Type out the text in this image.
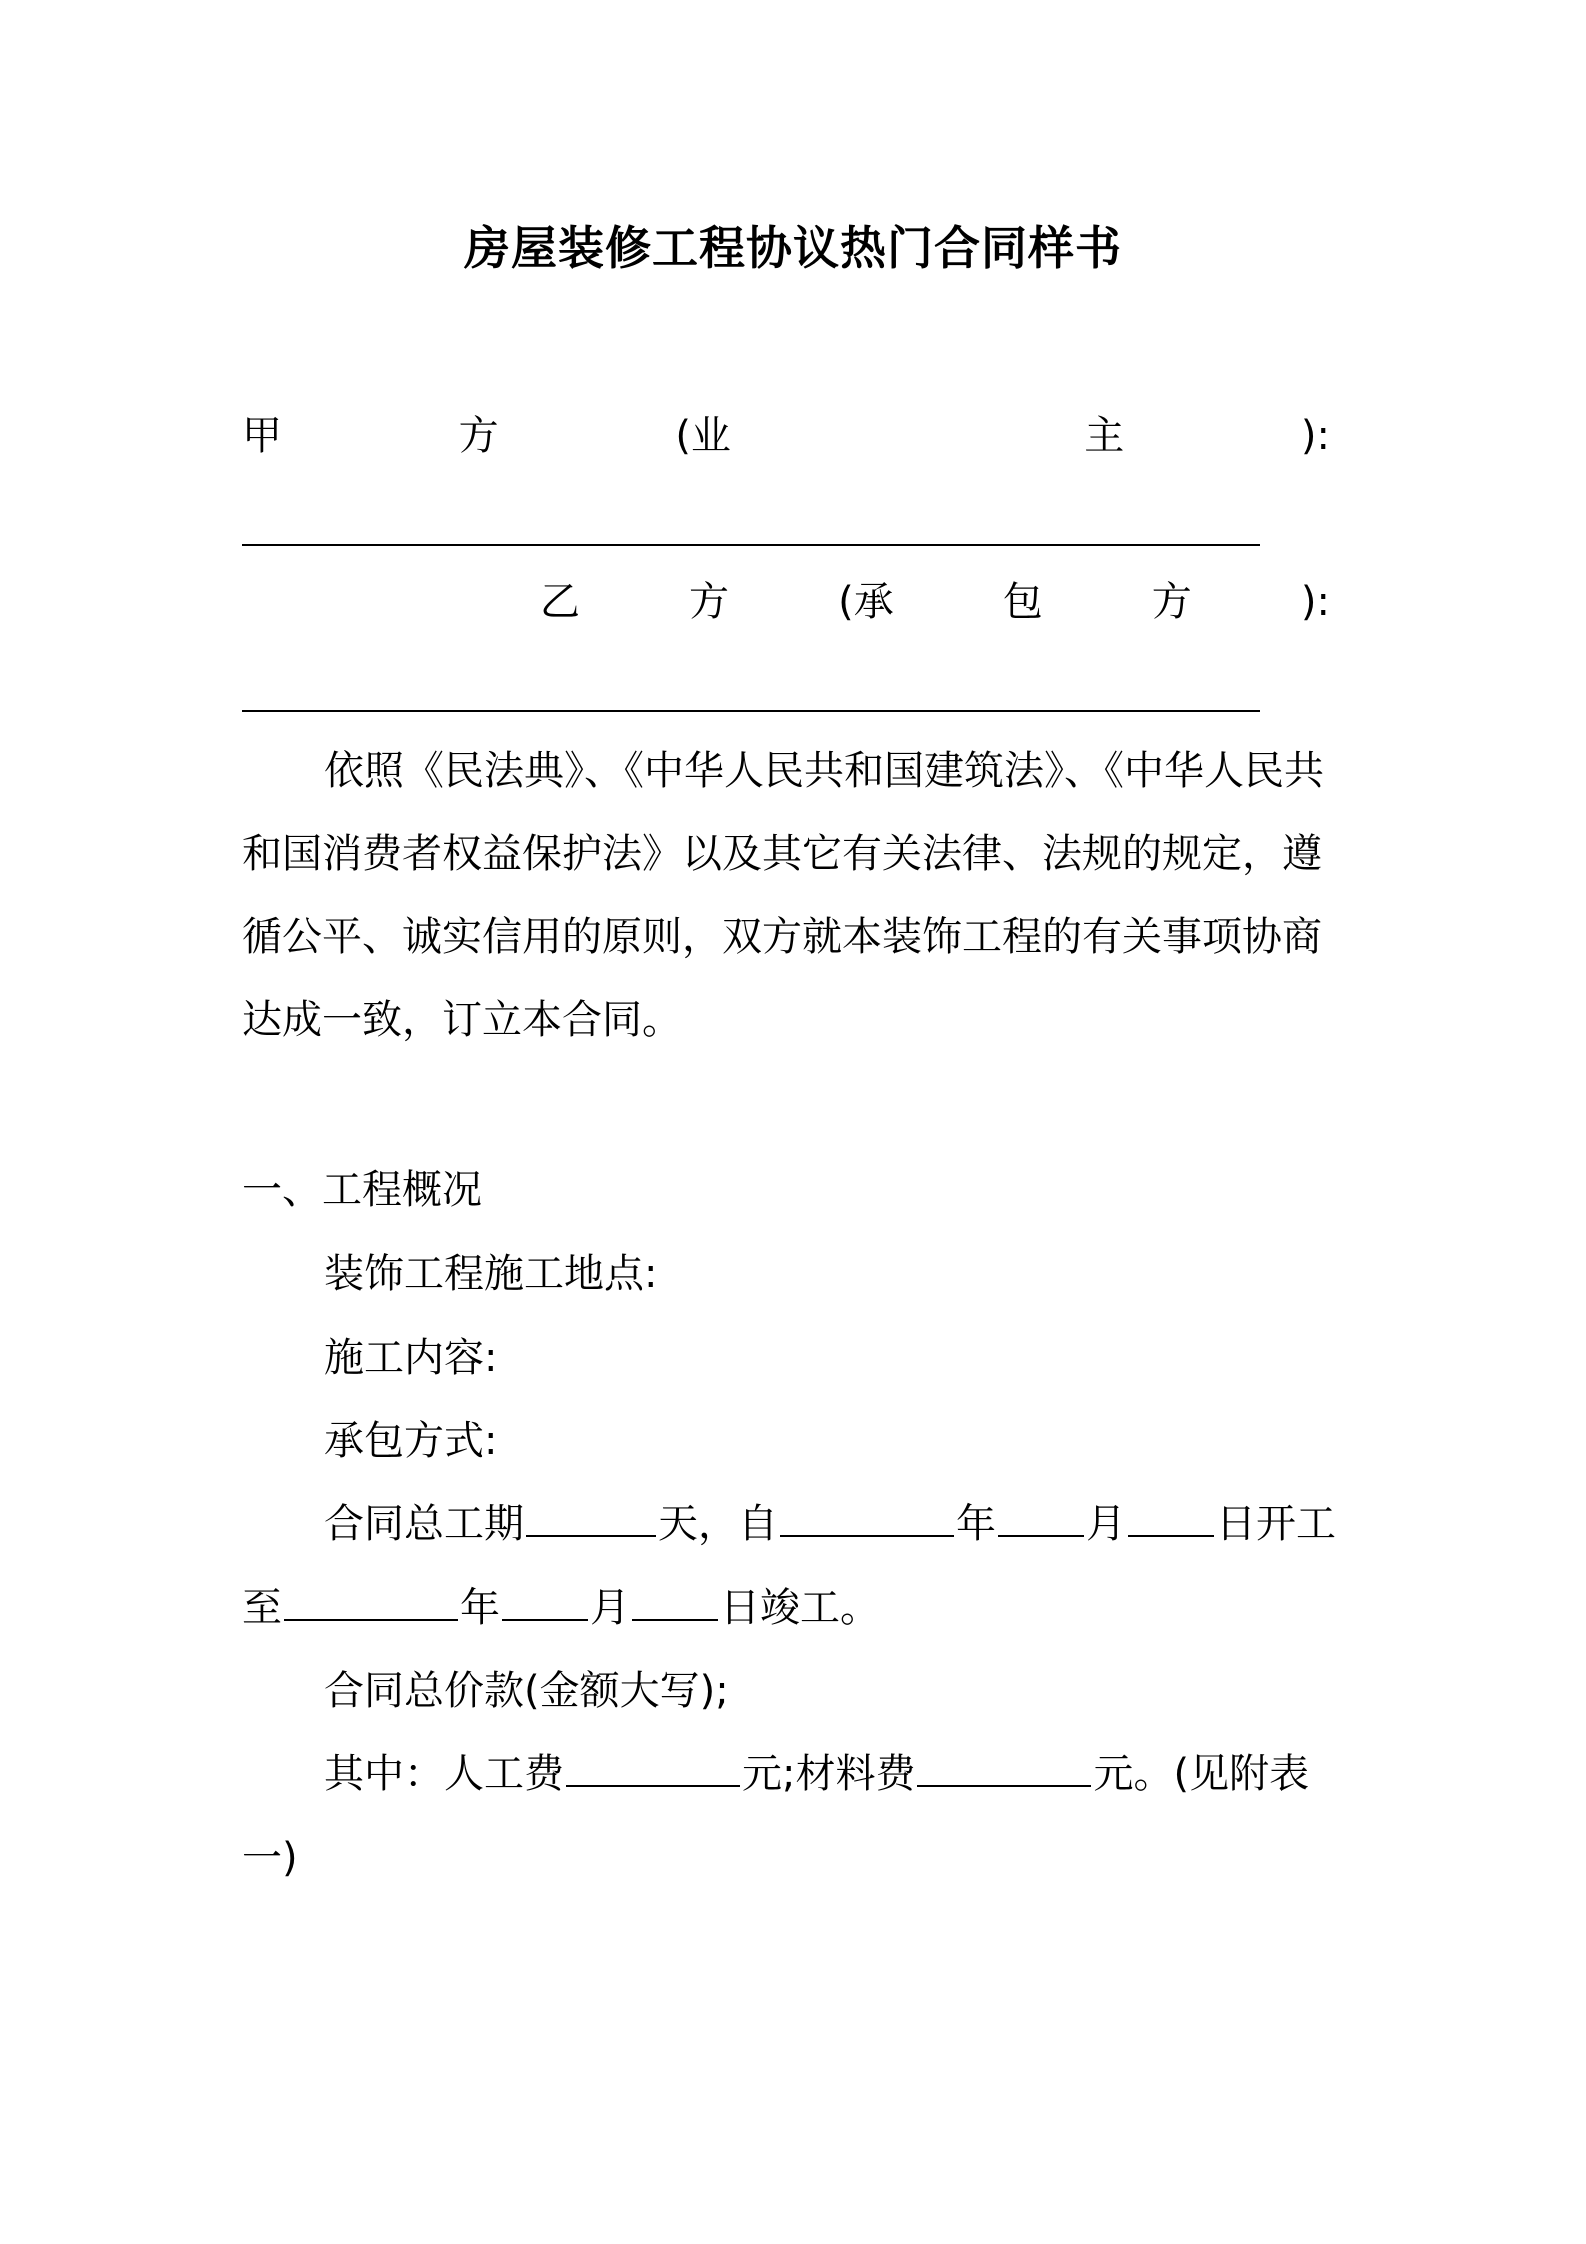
房屋装修工程协议热门合同样书
甲	方	(业	主	):
乙	方	(承	包	方	):

依照《民法典》、《中华人民共和国建筑法》、《中华人民共和国消费者权益保护法》以及其它有关法律、法规的规定，遵循公平、诚实信用的原则，双方就本装饰工程的有关事项协商达成一致，订立本合同。

一、工程概况
装饰工程施工地点:
施工内容:
承包方式:
合同总工期	天，自	年 月 日开工
至	年 月 日竣工。
合同总价款(金额大写);
其中：人工费	元;材料费	元。(见附表
一)
